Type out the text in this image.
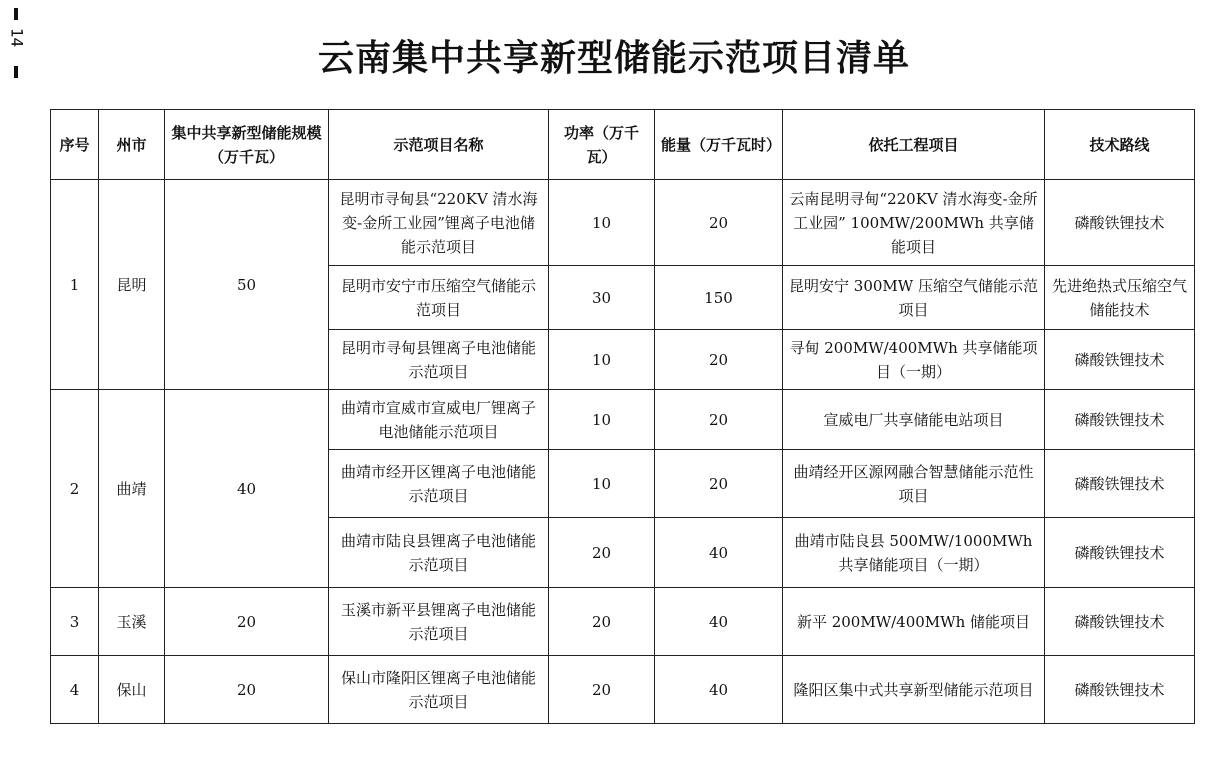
14	云南集中共享新型储能示范项目清单
序号	州市	集中共享新型储能规模（万千瓦）	示范项目名称	功率（万千瓦）	能量（万千瓦时）	依托工程项目	技术路线
1	昆明	50	昆明市寻甸县“220KV 清水海变-金所工业园”锂离子电池储能示范项目	10	20	云南昆明寻甸“220KV 清水海变-金所工业园” 100MW/200MWh 共享储能项目	磷酸铁锂技术
			昆明市安宁市压缩空气储能示范项目	30	150	昆明安宁 300MW 压缩空气储能示范项目	先进绝热式压缩空气储能技术
			昆明市寻甸县锂离子电池储能示范项目	10	20	寻甸 200MW/400MWh 共享储能项目（一期）	磷酸铁锂技术
2	曲靖	40	曲靖市宣威市宣威电厂锂离子电池储能示范项目	10	20	宣威电厂共享储能电站项目	磷酸铁锂技术
			曲靖市经开区锂离子电池储能示范项目	10	20	曲靖经开区源网融合智慧储能示范性项目	磷酸铁锂技术
			曲靖市陆良县锂离子电池储能示范项目	20	40	曲靖市陆良县 500MW/1000MWh 共享储能项目（一期）	磷酸铁锂技术
3	玉溪	20	玉溪市新平县锂离子电池储能示范项目	20	40	新平 200MW/400MWh 储能项目	磷酸铁锂技术
4	保山	20	保山市隆阳区锂离子电池储能示范项目	20	40	隆阳区集中式共享新型储能示范项目	磷酸铁锂技术
